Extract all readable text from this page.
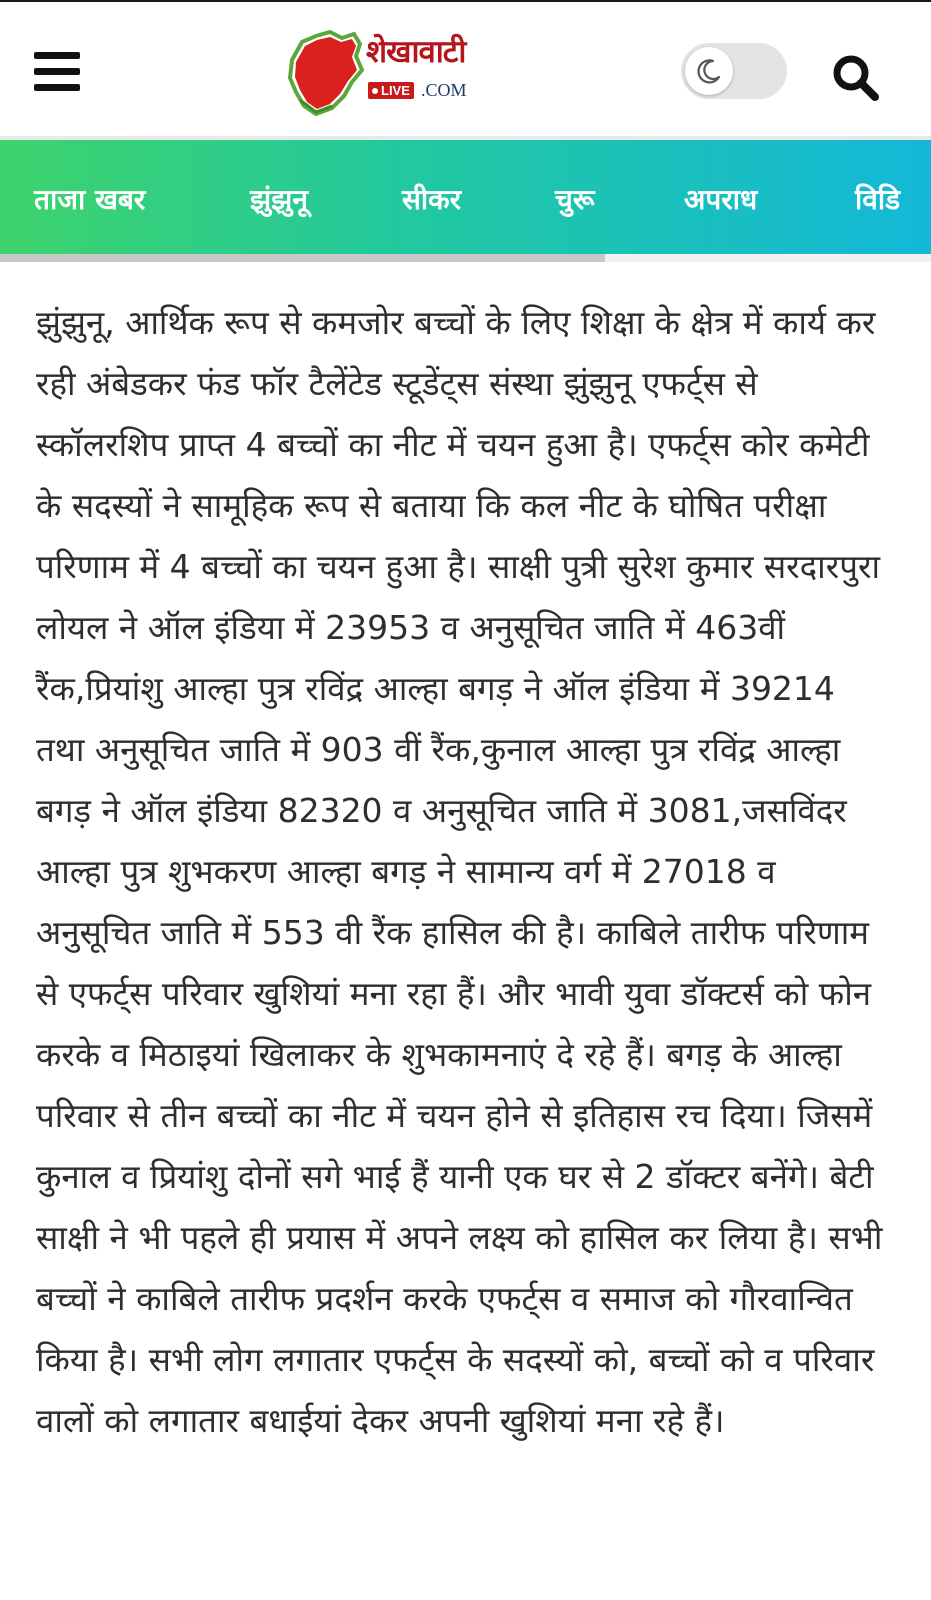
शेखावाटी
LIVE .COM
ताजा खबर	झुंझुनू	सीकर	चुरू	अपराध	विडि

झुंझुनू, आर्थिक रूप से कमजोर बच्चों के लिए शिक्षा के क्षेत्र में कार्य कर रही अंबेडकर फंड फॉर टैलेंटेड स्टूडेंट्स संस्था झुंझुनू एफर्ट्स से स्कॉलरशिप प्राप्त 4 बच्चों का नीट में चयन हुआ है। एफर्ट्स कोर कमेटी के सदस्यों ने सामूहिक रूप से बताया कि कल नीट के घोषित परीक्षा परिणाम में 4 बच्चों का चयन हुआ है। साक्षी पुत्री सुरेश कुमार सरदारपुरा लोयल ने ऑल इंडिया में 23953 व अनुसूचित जाति में 463वीं रैंक,प्रियांशु आल्हा पुत्र रविंद्र आल्हा बगड़ ने ऑल इंडिया में 39214 तथा अनुसूचित जाति में 903 वीं रैंक,कुनाल आल्हा पुत्र रविंद्र आल्हा बगड़ ने ऑल इंडिया 82320 व अनुसूचित जाति में 3081,जसविंदर आल्हा पुत्र शुभकरण आल्हा बगड़ ने सामान्य वर्ग में 27018 व अनुसूचित जाति में 553 वी रैंक हासिल की है। काबिले तारीफ परिणाम से एफर्ट्स परिवार खुशियां मना रहा हैं। और भावी युवा डॉक्टर्स को फोन करके व मिठाइयां खिलाकर के शुभकामनाएं दे रहे हैं। बगड़ के आल्हा परिवार से तीन बच्चों का नीट में चयन होने से इतिहास रच दिया। जिसमें कुनाल व प्रियांशु दोनों सगे भाई हैं यानी एक घर से 2 डॉक्टर बनेंगे। बेटी साक्षी ने भी पहले ही प्रयास में अपने लक्ष्य को हासिल कर लिया है। सभी बच्चों ने काबिले तारीफ प्रदर्शन करके एफर्ट्स व समाज को गौरवान्वित किया है। सभी लोग लगातार एफर्ट्स के सदस्यों को, बच्चों को व परिवार वालों को लगातार बधाईयां देकर अपनी खुशियां मना रहे हैं।
